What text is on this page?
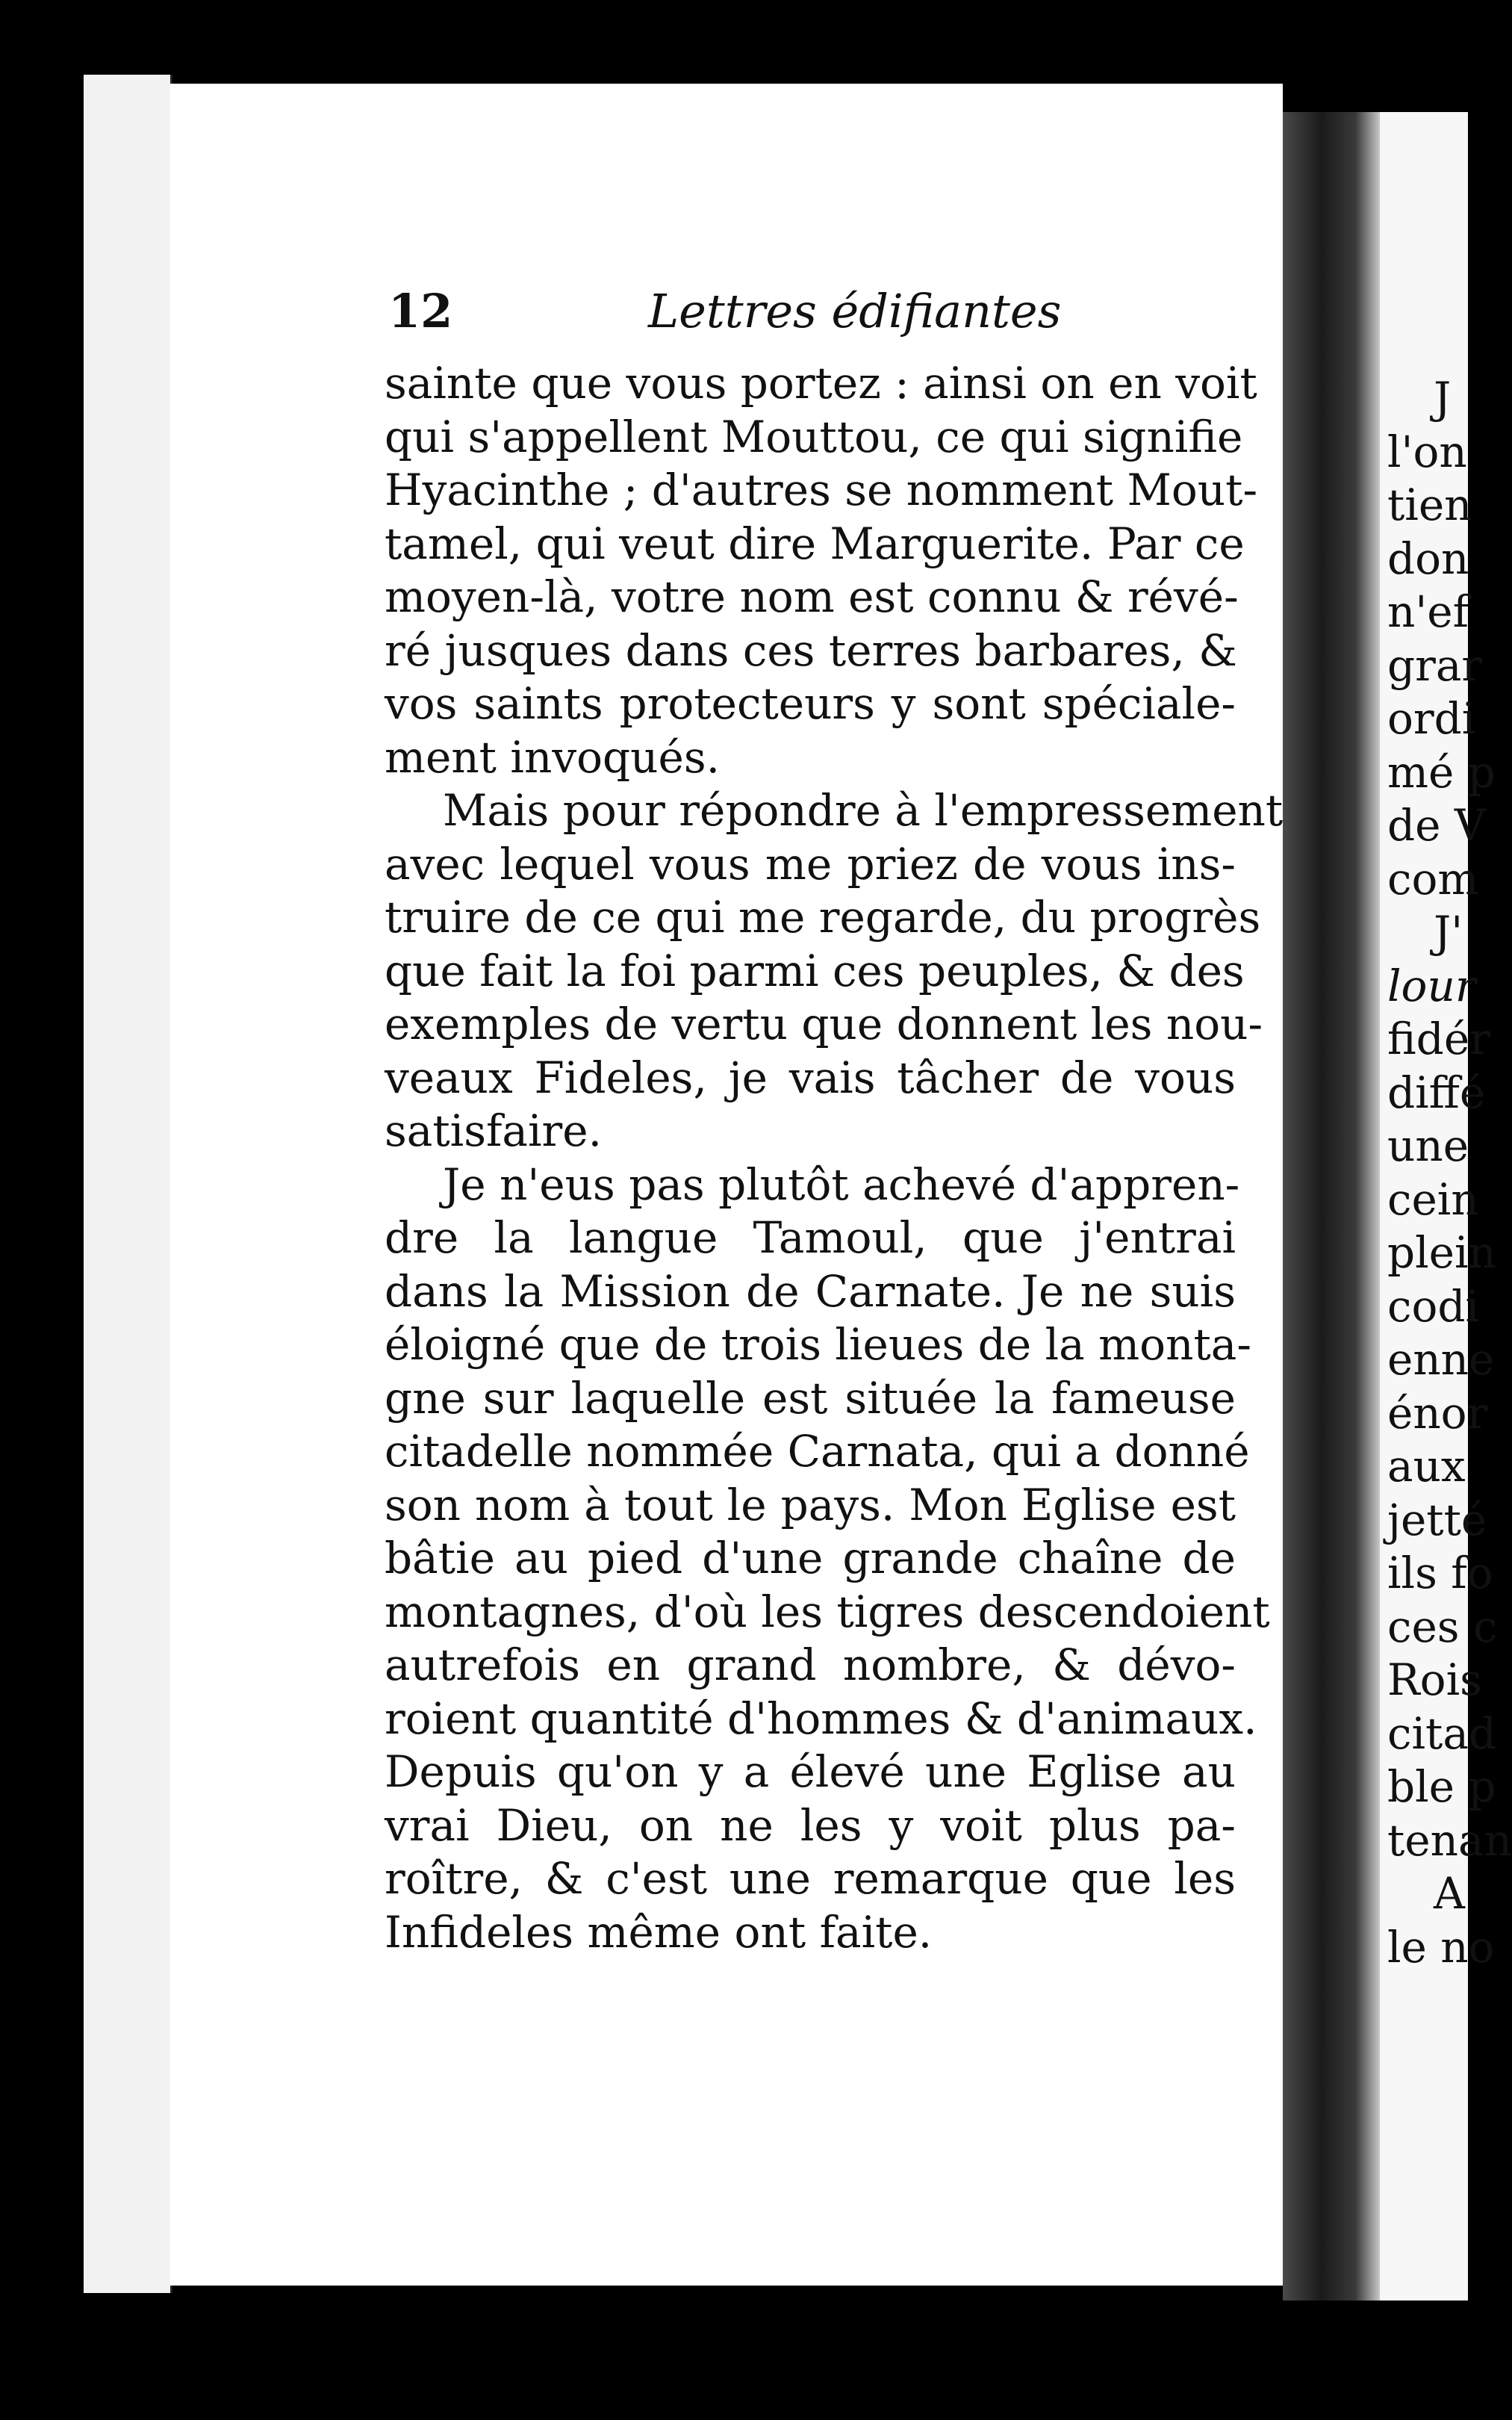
J
l'on
tien
don
n'ef
grar
ordi
mé p
de V
com
J'
lour
fidér
diffé
une
cein
plein
codi
enne
énor
aux
jetté
ils fo
ces c
Rois
citad
ble p
tenan
A
le no
12	Lettres édifiantes
sainte que vous portez : ainsi on en voit
qui s'appellent Mouttou, ce qui signifie
Hyacinthe ; d'autres se nomment Mout-
tamel, qui veut dire Marguerite. Par ce
moyen-là, votre nom est connu & révé-
ré jusques dans ces terres barbares, &
vos saints protecteurs y sont spéciale-
ment invoqués.
Mais pour répondre à l'empressement
avec lequel vous me priez de vous ins-
truire de ce qui me regarde, du progrès
que fait la foi parmi ces peuples, & des
exemples de vertu que donnent les nou-
veaux Fideles, je vais tâcher de vous
satisfaire.
Je n'eus pas plutôt achevé d'appren-
dre la langue Tamoul, que j'entrai
dans la Mission de Carnate. Je ne suis
éloigné que de trois lieues de la monta-
gne sur laquelle est située la fameuse
citadelle nommée Carnata, qui a donné
son nom à tout le pays. Mon Eglise est
bâtie au pied d'une grande chaîne de
montagnes, d'où les tigres descendoient
autrefois en grand nombre, & dévo-
roient quantité d'hommes & d'animaux.
Depuis qu'on y a élevé une Eglise au
vrai Dieu, on ne les y voit plus pa-
roître, & c'est une remarque que les
Infideles même ont faite.
